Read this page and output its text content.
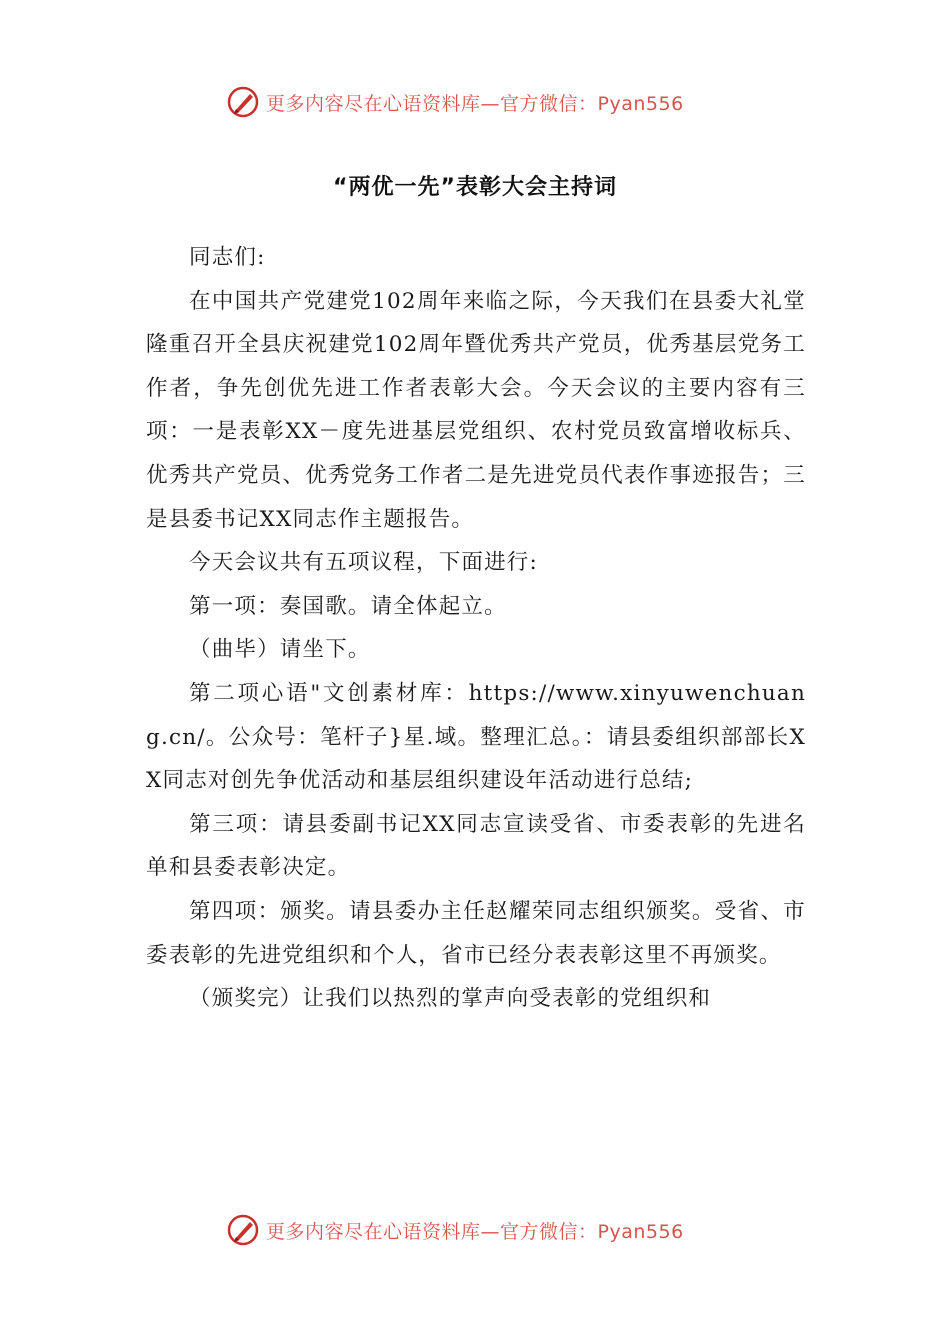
更多内容尽在心语资料库—官方微信：Pyan556
“两优一先”表彰大会主持词

同志们:

在中国共产党建党102周年来临之际，今天我们在县委大礼堂隆重召开全县庆祝建党102周年暨优秀共产党员，优秀基层党务工作者，争先创优先进工作者表彰大会。今天会议的主要内容有三项：一是表彰XX－度先进基层党组织、农村党员致富增收标兵、优秀共产党员、优秀党务工作者二是先进党员代表作事迹报告；三是县委书记XX同志作主题报告。

今天会议共有五项议程，下面进行:

第一项：奏国歌。请全体起立。

（曲毕）请坐下。

第二项心语"文创素材库：https://www.xinyuwenchuang.cn/。公众号：笔杆子}星.域。整理汇总。：请县委组织部部长XX同志对创先争优活动和基层组织建设年活动进行总结;

第三项：请县委副书记XX同志宣读受省、市委表彰的先进名单和县委表彰决定。

第四项：颁奖。请县委办主任赵耀荣同志组织颁奖。受省、市委表彰的先进党组织和个人，省市已经分表表彰这里不再颁奖。

（颁奖完）让我们以热烈的掌声向受表彰的党组织和

更多内容尽在心语资料库—官方微信：Pyan556
